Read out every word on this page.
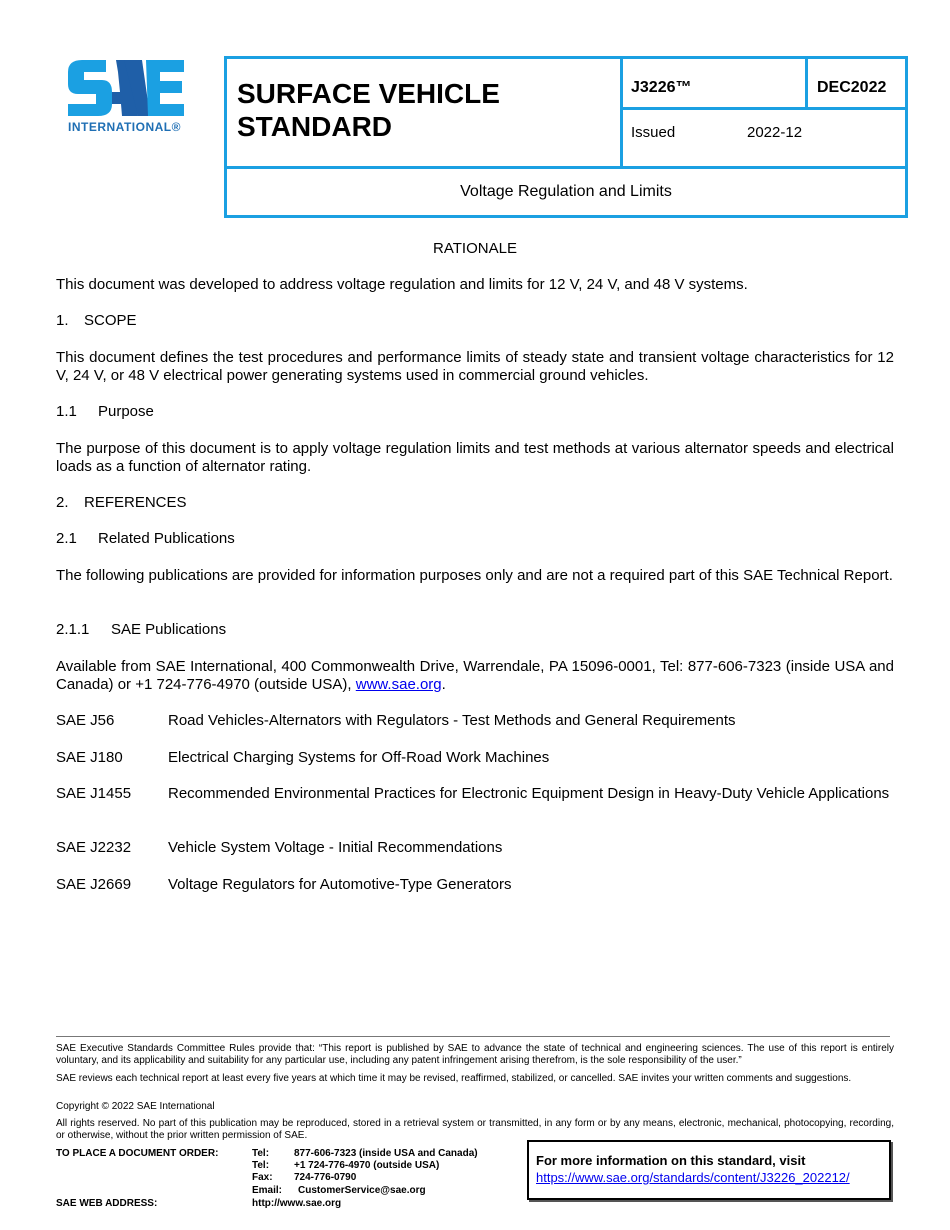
INTERNATIONAL®
SURFACE VEHICLE
STANDARD
J3226™	DEC2022
Issued	2022-12
Voltage Regulation and Limits
RATIONALE
This document was developed to address voltage regulation and limits for 12 V, 24 V, and 48 V systems.
1. SCOPE
This document defines the test procedures and performance limits of steady state and transient voltage characteristics for 12 V, 24 V, or 48 V electrical power generating systems used in commercial ground vehicles.
1.1 Purpose
The purpose of this document is to apply voltage regulation limits and test methods at various alternator speeds and electrical loads as a function of alternator rating.
2. REFERENCES
2.1 Related Publications
The following publications are provided for information purposes only and are not a required part of this SAE Technical Report.
2.1.1 SAE Publications
Available from SAE International, 400 Commonwealth Drive, Warrendale, PA 15096-0001, Tel: 877-606-7323 (inside USA and Canada) or +1 724-776-4970 (outside USA), www.sae.org.
SAE J56	Road Vehicles-Alternators with Regulators - Test Methods and General Requirements
SAE J180	Electrical Charging Systems for Off-Road Work Machines
SAE J1455 Recommended Environmental Practices for Electronic Equipment Design in Heavy-Duty Vehicle Applications
SAE J2232 Vehicle System Voltage - Initial Recommendations
SAE J2669 Voltage Regulators for Automotive-Type Generators
SAE Executive Standards Committee Rules provide that: “This report is published by SAE to advance the state of technical and engineering sciences. The use of this report is entirely voluntary, and its applicability and suitability for any particular use, including any patent infringement arising therefrom, is the sole responsibility of the user.”
SAE reviews each technical report at least every five years at which time it may be revised, reaffirmed, stabilized, or cancelled. SAE invites your written comments and suggestions.
Copyright © 2022 SAE International
All rights reserved. No part of this publication may be reproduced, stored in a retrieval system or transmitted, in any form or by any means, electronic, mechanical, photocopying, recording, or otherwise, without the prior written permission of SAE.
TO PLACE A DOCUMENT ORDER:	Tel: 877-606-7323 (inside USA and Canada)
Tel: +1 724-776-4970 (outside USA)
Fax: 724-776-0790
Email: CustomerService@sae.org
SAE WEB ADDRESS:	http://www.sae.org
For more information on this standard, visit
https://www.sae.org/standards/content/J3226_202212/
